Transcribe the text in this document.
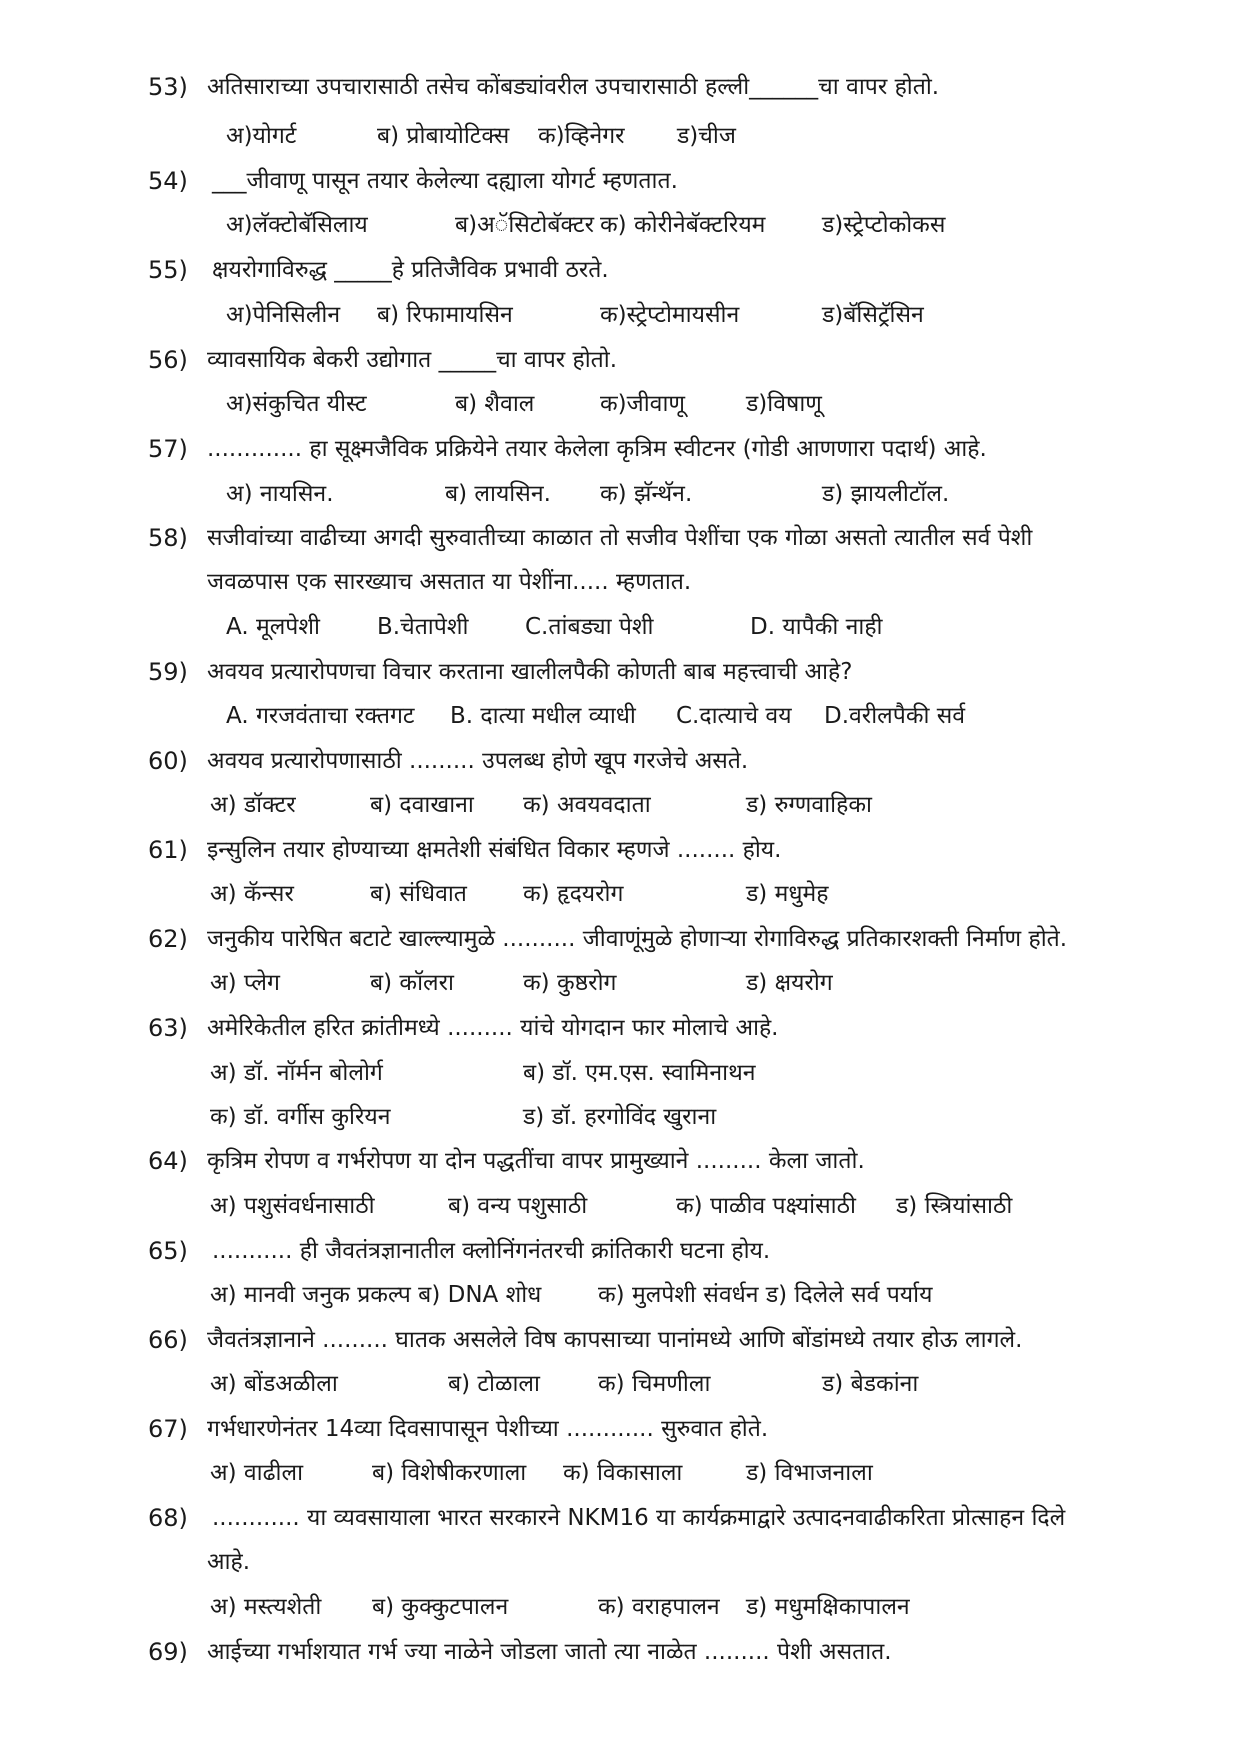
53) अतिसाराच्या उपचारासाठी तसेच कोंबड्यांवरील उपचारासाठी हल्ली______चा वापर होतो.
अ)योगर्ट	ब) प्रोबायोटिक्स क)व्हिनेगर ड)चीज
54) ___जीवाणू पासून तयार केलेल्या दह्याला योगर्ट म्हणतात.
अ)लॅक्टोबॅसिलाय	ब)अॅसिटोबॅक्टर क) कोरीनेबॅक्टरियम ड)स्ट्रेप्टोकोकस
55) क्षयरोगाविरुद्ध _____हे प्रतिजैविक प्रभावी ठरते.
अ)पेनिसिलीन ब) रिफामायसिन	क)स्ट्रेप्टोमायसीन	ड)बॅसिट्रॅसिन
56) व्यावसायिक बेकरी उद्योगात _____चा वापर होतो.
अ)संकुचित यीस्ट	ब) शैवाल	क)जीवाणू	ड)विषाणू
57) ............. हा सूक्ष्मजैविक प्रक्रियेने तयार केलेला कृत्रिम स्वीटनर (गोडी आणणारा पदार्थ) आहे.
अ) नायसिन.	ब) लायसिन. क) झॅन्थॅन.	ड) झायलीटॉल.
58) सजीवांच्या वाढीच्या अगदी सुरुवातीच्या काळात तो सजीव पेशींचा एक गोळा असतो त्यातील सर्व पेशी
जवळपास एक सारख्याच असतात या पेशींना..... म्हणतात.
A. मूलपेशी B.चेतापेशी C.तांबड्या पेशी	D. यापैकी नाही
59) अवयव प्रत्यारोपणचा विचार करताना खालीलपैकी कोणती बाब महत्त्वाची आहे?
A. गरजवंताचा रक्तगट B. दात्या मधील व्याधी C.दात्याचे वय D.वरीलपैकी सर्व
60) अवयव प्रत्यारोपणासाठी ......... उपलब्ध होणे खूप गरजेचे असते.
अ) डॉक्टर	ब) दवाखाना क) अवयवदाता	ड) रुग्णवाहिका
61) इन्सुलिन तयार होण्याच्या क्षमतेशी संबंधित विकार म्हणजे ........ होय.
अ) कॅन्सर	ब) संधिवात क) हृदयरोग	ड) मधुमेह
62) जनुकीय पारेषित बटाटे खाल्ल्यामुळे .......... जीवाणूंमुळे होणाऱ्या रोगाविरुद्ध प्रतिकारशक्ती निर्माण होते.
अ) प्लेग	ब) कॉलरा	क) कुष्ठरोग	ड) क्षयरोग
63) अमेरिकेतील हरित क्रांतीमध्ये ......... यांचे योगदान फार मोलाचे आहे.
अ) डॉ. नॉर्मन बोलोर्ग	ब) डॉ. एम.एस. स्वामिनाथन
क) डॉ. वर्गीस कुरियन	ड) डॉ. हरगोविंद खुराना
64) कृत्रिम रोपण व गर्भरोपण या दोन पद्धतींचा वापर प्रामुख्याने ......... केला जातो.
अ) पशुसंवर्धनासाठी	ब) वन्य पशुसाठी	क) पाळीव पक्ष्यांसाठी ड) स्त्रियांसाठी
65) ........... ही जैवतंत्रज्ञानातील क्लोनिंगनंतरची क्रांतिकारी घटना होय.
अ) मानवी जनुक प्रकल्प ब) DNA शोध क) मुलपेशी संवर्धन ड) दिलेले सर्व पर्याय
66) जैवतंत्रज्ञानाने ......... घातक असलेले विष कापसाच्या पानांमध्ये आणि बोंडांमध्ये तयार होऊ लागले.
अ) बोंडअळीला	ब) टोळाला	क) चिमणीला	ड) बेडकांना
67) गर्भधारणेनंतर 14व्या दिवसापासून पेशीच्या ............ सुरुवात होते.
अ) वाढीला	ब) विशेषीकरणाला क) विकासाला	ड) विभाजनाला
68) ............ या व्यवसायाला भारत सरकारने NKM16 या कार्यक्रमाद्वारे उत्पादनवाढीकरिता प्रोत्साहन दिले
आहे.
अ) मस्त्यशेती ब) कुक्कुटपालन	क) वराहपालन ड) मधुमक्षिकापालन
69) आईच्या गर्भाशयात गर्भ ज्या नाळेने जोडला जातो त्या नाळेत ......... पेशी असतात.
